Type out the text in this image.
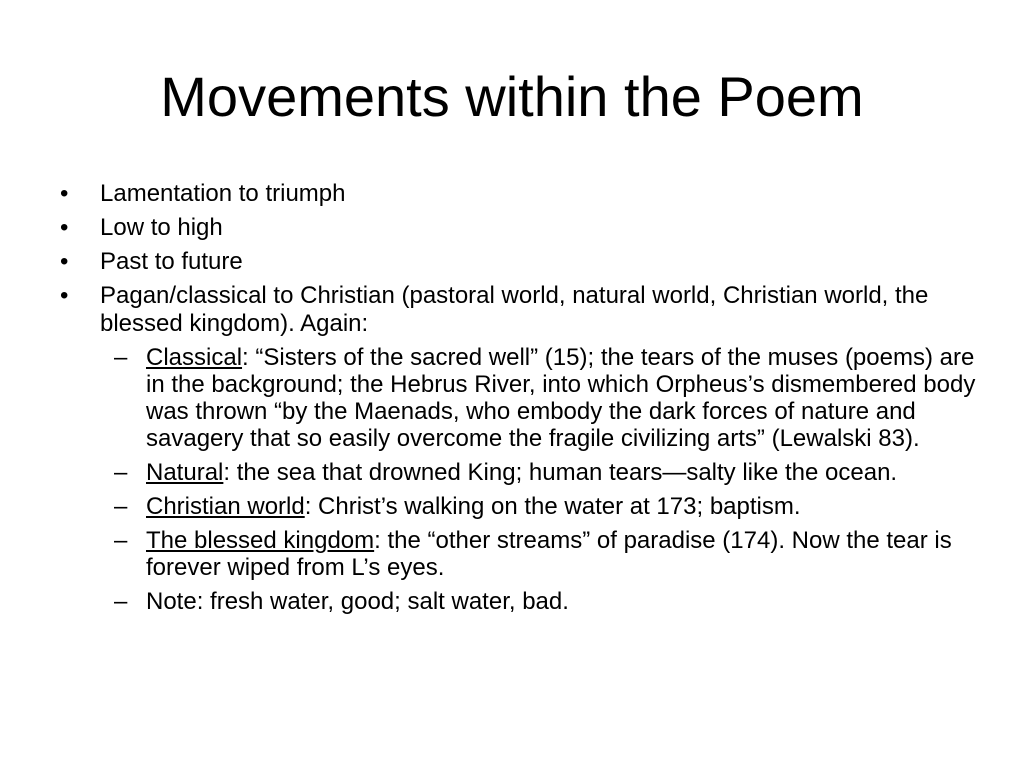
Movements within the Poem
•	Lamentation to triumph
•	Low to high
•	Past to future
•	Pagan/classical to Christian (pastoral world, natural world, Christian world, the blessed kingdom). Again:
– Classical: “Sisters of the sacred well” (15); the tears of the muses (poems) are in the background; the Hebrus River, into which Orpheus’s dismembered body was thrown “by the Maenads, who embody the dark forces of nature and savagery that so easily overcome the fragile civilizing arts” (Lewalski 83).
– Natural: the sea that drowned King; human tears—salty like the ocean.
– Christian world: Christ’s walking on the water at 173; baptism.
– The blessed kingdom: the “other streams” of paradise (174). Now the tear is forever wiped from L’s eyes.
– Note: fresh water, good; salt water, bad.
